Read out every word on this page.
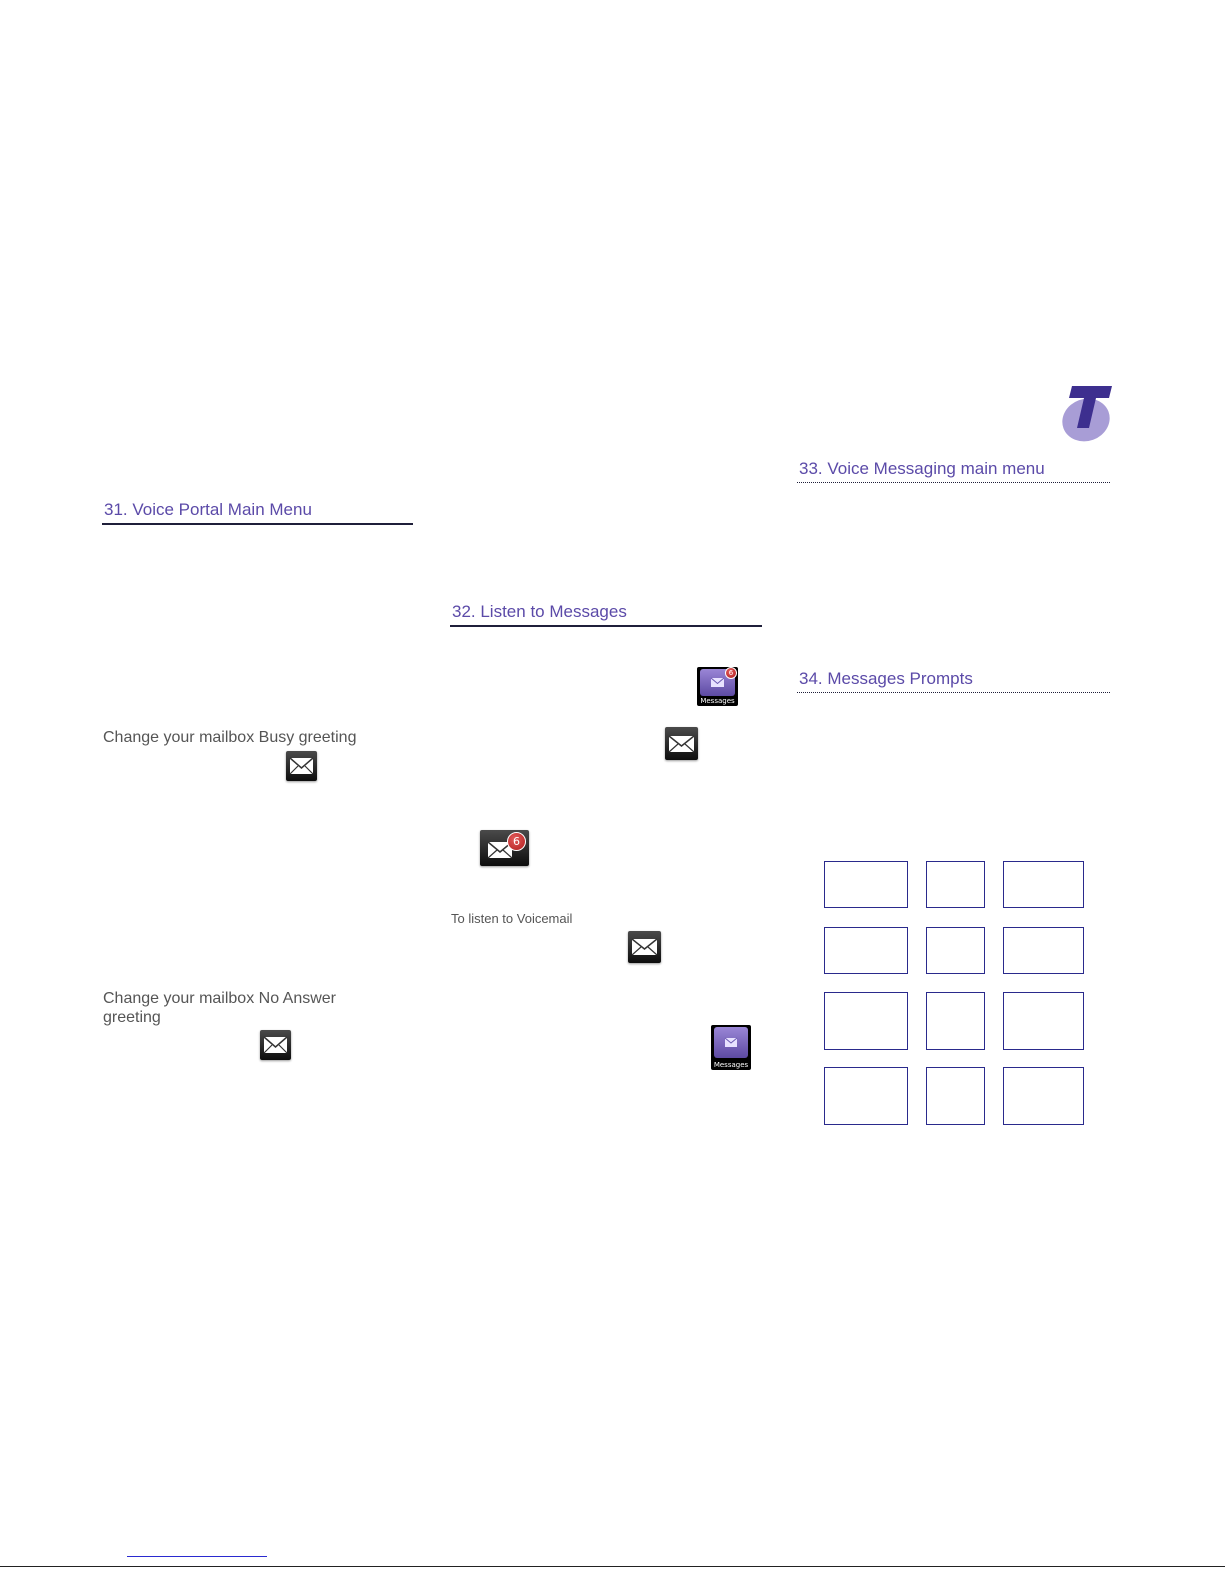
31. Voice Portal Main Menu
32. Listen to Messages
33. Voice Messaging main menu
34. Messages Prompts
Change your mailbox Busy greeting
Change your mailbox No Answer
greeting
Messages
6
6
To listen to Voicemail
Messages
